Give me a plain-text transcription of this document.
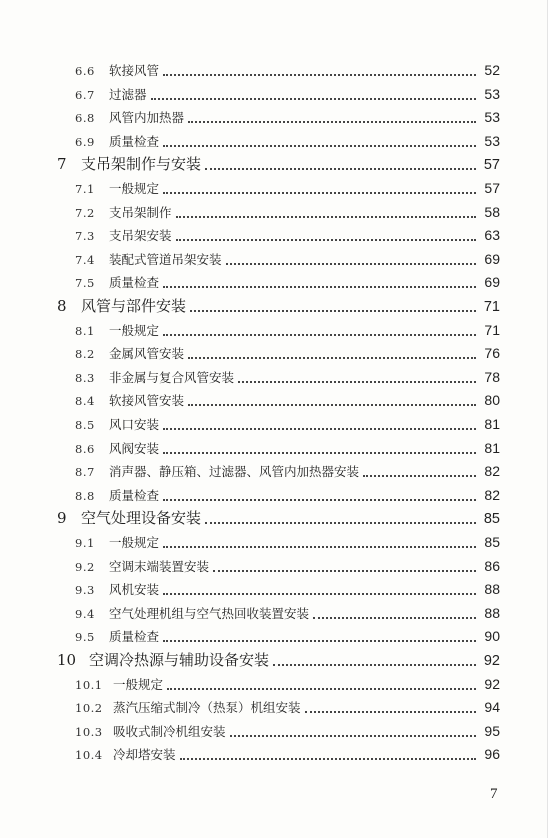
6.6	软接风管	52
6.7	过滤器	53
6.8	风管内加热器	53
6.9	质量检查	53
7 支吊架制作与安装	57
7.1	一般规定	57
7.2	支吊架制作	58
7.3	支吊架安装	63
7.4	装配式管道吊架安装	69
7.5	质量检查	69
8 风管与部件安装	71
8.1	一般规定	71
8.2	金属风管安装	76
8.3	非金属与复合风管安装	78
8.4	软接风管安装	80
8.5	风口安装	81
8.6	风阀安装	81
8.7	消声器、静压箱、过滤器、风管内加热器安装	82
8.8	质量检查	82
9 空气处理设备安装	85
9.1	一般规定	85
9.2	空调末端装置安装	86
9.3	风机安装	88
9.4	空气处理机组与空气热回收装置安装	88
9.5	质量检查	90
10 空调冷热源与辅助设备安装	92
10.1 一般规定	92
10.2 蒸汽压缩式制冷（热泵）机组安装	94
10.3 吸收式制冷机组安装	95
10.4 冷却塔安装	96
7
